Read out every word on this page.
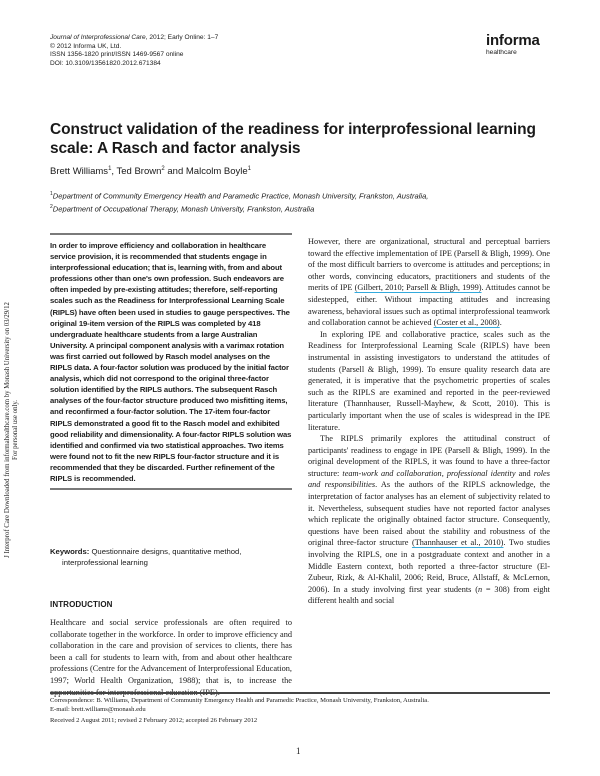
Journal of Interprofessional Care, 2012; Early Online: 1–7
© 2012 Informa UK, Ltd.
ISSN 1356-1820 print/ISSN 1469-9567 online
DOI: 10.3109/13561820.2012.671384
informa
healthcare
Construct validation of the readiness for interprofessional learning scale: A Rasch and factor analysis
Brett Williams$^1$, Ted Brown$^2$ and Malcolm Boyle$^1$
$^1$Department of Community Emergency Health and Paramedic Practice, Monash University, Frankston, Australia,
$^2$Department of Occupational Therapy, Monash University, Frankston, Australia
J Interprof Care Downloaded from informahealthcare.com by Monash University on 03/29/12 For personal use only.

In order to improve efficiency and collaboration in healthcare service provision, it is recommended that students engage in interprofessional education; that is, learning with, from and about professions other than one's own profession. Such endeavors are often impeded by pre-existing attitudes; therefore, self-reporting scales such as the Readiness for Interprofessional Learning Scale (RIPLS) have often been used in studies to gauge perspectives. The original 19-item version of the RIPLS was completed by 418 undergraduate healthcare students from a large Australian University. A principal component analysis with a varimax rotation was first carried out followed by Rasch model analyses on the RIPLS data. A four-factor solution was produced by the initial factor analysis, which did not correspond to the original three-factor solution identified by the RIPLS authors. The subsequent Rasch analyses of the four-factor structure produced two misfitting items, and reconfirmed a four-factor solution. The 17-item four-factor RIPLS demonstrated a good fit to the Rasch model and exhibited good reliability and dimensionality. A four-factor RIPLS solution was identified and confirmed via two statistical approaches. Two items were found not to fit the new RIPLS four-factor structure and it is recommended that they be discarded. Further refinement of the RIPLS is recommended.

Keywords: Questionnaire designs, quantitative method,
interprofessional learning
INTRODUCTION

Healthcare and social service professionals are often required to collaborate together in the workforce. In order to improve efficiency and collaboration in the care and provision of services to clients, there has been a call for students to learn with, from and about other healthcare professions (Centre for the Advancement of Interprofessional Education, 1997; World Health Organization, 1988); that is, to increase the opportunities for interprofessional education (IPE).

However, there are organizational, structural and perceptual barriers toward the effective implementation of IPE (Parsell & Bligh, 1999). One of the most difficult barriers to overcome is attitudes and perceptions; in other words, convincing educators, practitioners and students of the merits of IPE (Gilbert, 2010; Parsell & Bligh, 1999). Attitudes cannot be sidestepped, either. Without impacting attitudes and increasing awareness, behavioral issues such as optimal interprofessional teamwork and collaboration cannot be achieved (Coster et al., 2008).

In exploring IPE and collaborative practice, scales such as the Readiness for Interprofessional Learning Scale (RIPLS) have been instrumental in assisting investigators to understand the attitudes of students (Parsell & Bligh, 1999). To ensure quality research data are generated, it is imperative that the psychometric properties of scales such as the RIPLS are examined and reported in the peer-reviewed literature (Thannhauser, Russell-Mayhew, & Scott, 2010). This is particularly important when the use of scales is widespread in the IPE literature.

The RIPLS primarily explores the attitudinal construct of participants' readiness to engage in IPE (Parsell & Bligh, 1999). In the original development of the RIPLS, it was found to have a three-factor structure: team-work and collaboration, professional identity and roles and responsibilities. As the authors of the RIPLS acknowledge, the interpretation of factor analyses has an element of subjectivity related to it. Nevertheless, subsequent studies have not reported factor analyses which replicate the originally obtained factor structure. Consequently, questions have been raised about the stability and robustness of the original three-factor structure (Thannhauser et al., 2010). Two studies involving the RIPLS, one in a postgraduate context and another in a Middle Eastern context, both reported a three-factor structure (El-Zubeur, Rizk, & Al-Khalil, 2006; Reid, Bruce, Allstaff, & McLernon, 2006). In a study involving first year students (n = 308) from eight different health and social

Correspondence: B. Williams, Department of Community Emergency Health and Paramedic Practice, Monash University, Frankston, Australia.
E-mail: brett.williams@monash.edu
Received 2 August 2011; revised 2 February 2012; accepted 26 February 2012
1
